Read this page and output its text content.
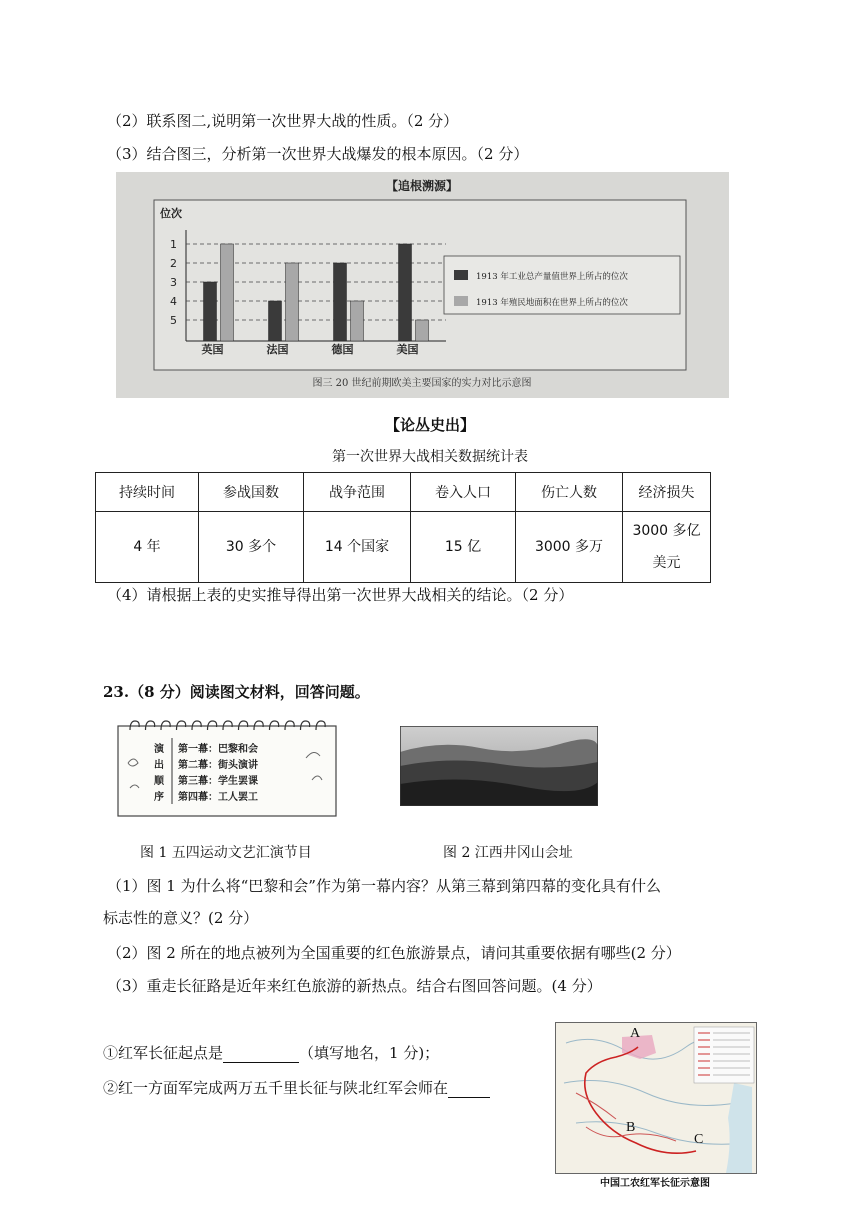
（2）联系图二,说明第一次世界大战的性质。（2 分）
（3）结合图三，分析第一次世界大战爆发的根本原因。（2 分）
【追根溯源】
位次
1
2
3
4
5
英国	法国	德国	美国
1913 年工业总产量值世界上所占的位次
1913 年殖民地面积在世界上所占的位次
图三 20 世纪前期欧美主要国家的实力对比示意图
【论丛史出】
第一次世界大战相关数据统计表
持续时间	参战国数	战争范围	卷入人口	伤亡人数	经济损失
4 年	30 多个	14 个国家	15 亿	3000 多万	3000 多亿
美元
（4）请根据上表的史实推导得出第一次世界大战相关的结论。（2 分）
23.（8 分）阅读图文材料，回答问题。
演
出
顺
序
第一幕：巴黎和会
第二幕：街头演讲
第三幕：学生罢课
第四幕：工人罢工
图 1 五四运动文艺汇演节目	图 2 江西井冈山会址
（1）图 1 为什么将“巴黎和会”作为第一幕内容？从第三幕到第四幕的变化具有什么
标志性的意义？(2 分）
（2）图 2 所在的地点被列为全国重要的红色旅游景点，请问其重要依据有哪些(2 分）
（3）重走长征路是近年来红色旅游的新热点。结合右图回答问题。(4 分）
①红军长征起点是	（填写地名，1 分)；
②红一方面军完成两万五千里长征与陕北红军会师在
A
B
C
中国工农红军长征示意图
